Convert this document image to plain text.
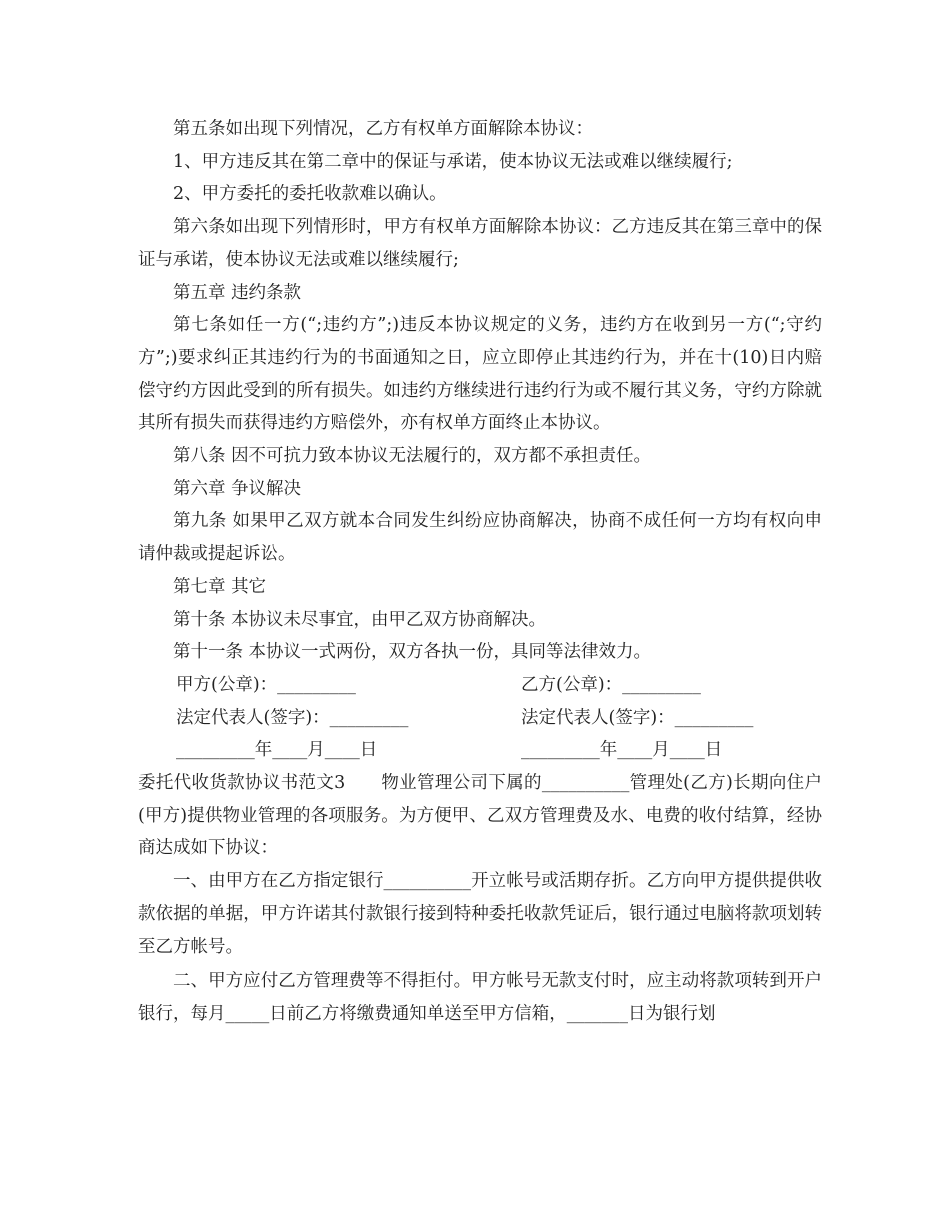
第五条如出现下列情况，乙方有权单方面解除本协议：

1、甲方违反其在第二章中的保证与承诺，使本协议无法或难以继续履行;

2、甲方委托的委托收款难以确认。

第六条如出现下列情形时，甲方有权单方面解除本协议：乙方违反其在第三章中的保证与承诺，使本协议无法或难以继续履行;

第五章 违约条款

第七条如任一方(“;违约方”;)违反本协议规定的义务，违约方在收到另一方(“;守约方”;)要求纠正其违约行为的书面通知之日，应立即停止其违约行为，并在十(10)日内赔偿守约方因此受到的所有损失。如违约方继续进行违约行为或不履行其义务，守约方除就其所有损失而获得违约方赔偿外，亦有权单方面终止本协议。

第八条 因不可抗力致本协议无法履行的，双方都不承担责任。

第六章 争议解决

第九条 如果甲乙双方就本合同发生纠纷应协商解决，协商不成任何一方均有权向申请仲裁或提起诉讼。

第七章 其它

第十条 本协议未尽事宜，由甲乙双方协商解决。

第十一条 本协议一式两份，双方各执一份，具同等法律效力。

甲方(公章)：_________	乙方(公章)：_________
法定代表人(签字)：_________	法定代表人(签字)：_________
_________年____月____日	_________年____月____日

委托代收货款协议书范文3　　物业管理公司下属的__________管理处(乙方)长期向住户(甲方)提供物业管理的各项服务。为方便甲、乙双方管理费及水、电费的收付结算，经协商达成如下协议：

一、由甲方在乙方指定银行__________开立帐号或活期存折。乙方向甲方提供提供收款依据的单据，甲方许诺其付款银行接到特种委托收款凭证后，银行通过电脑将款项划转至乙方帐号。

二、甲方应付乙方管理费等不得拒付。甲方帐号无款支付时，应主动将款项转到开户银行，每月_____日前乙方将缴费通知单送至甲方信箱，_______日为银行划
